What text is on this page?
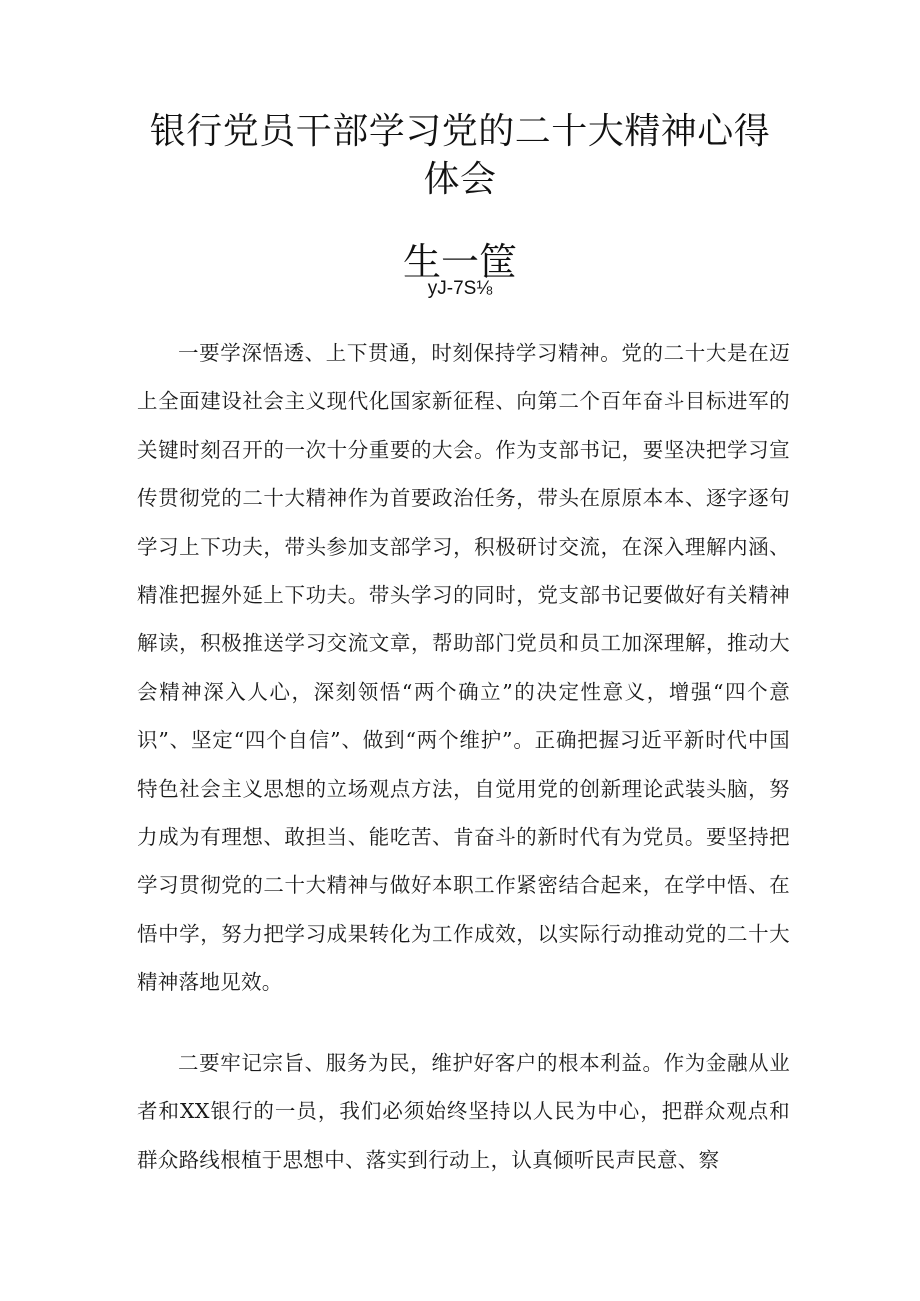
银行党员干部学习党的二十大精神心得体会
生一筐
yJ-7S⅛

一要学深悟透、上下贯通，时刻保持学习精神。党的二十大是在迈上全面建设社会主义现代化国家新征程、向第二个百年奋斗目标进军的关键时刻召开的一次十分重要的大会。作为支部书记，要坚决把学习宣传贯彻党的二十大精神作为首要政治任务，带头在原原本本、逐字逐句学习上下功夫，带头参加支部学习，积极研讨交流，在深入理解内涵、精准把握外延上下功夫。带头学习的同时，党支部书记要做好有关精神解读，积极推送学习交流文章，帮助部门党员和员工加深理解，推动大会精神深入人心，深刻领悟“两个确立”的决定性意义，增强“四个意识”、坚定“四个自信”、做到“两个维护”。正确把握习近平新时代中国特色社会主义思想的立场观点方法，自觉用党的创新理论武装头脑，努力成为有理想、敢担当、能吃苦、肯奋斗的新时代有为党员。要坚持把学习贯彻党的二十大精神与做好本职工作紧密结合起来，在学中悟、在悟中学，努力把学习成果转化为工作成效，以实际行动推动党的二十大精神落地见效。

二要牢记宗旨、服务为民，维护好客户的根本利益。作为金融从业者和XX银行的一员，我们必须始终坚持以人民为中心，把群众观点和群众路线根植于思想中、落实到行动上，认真倾听民声民意、察
